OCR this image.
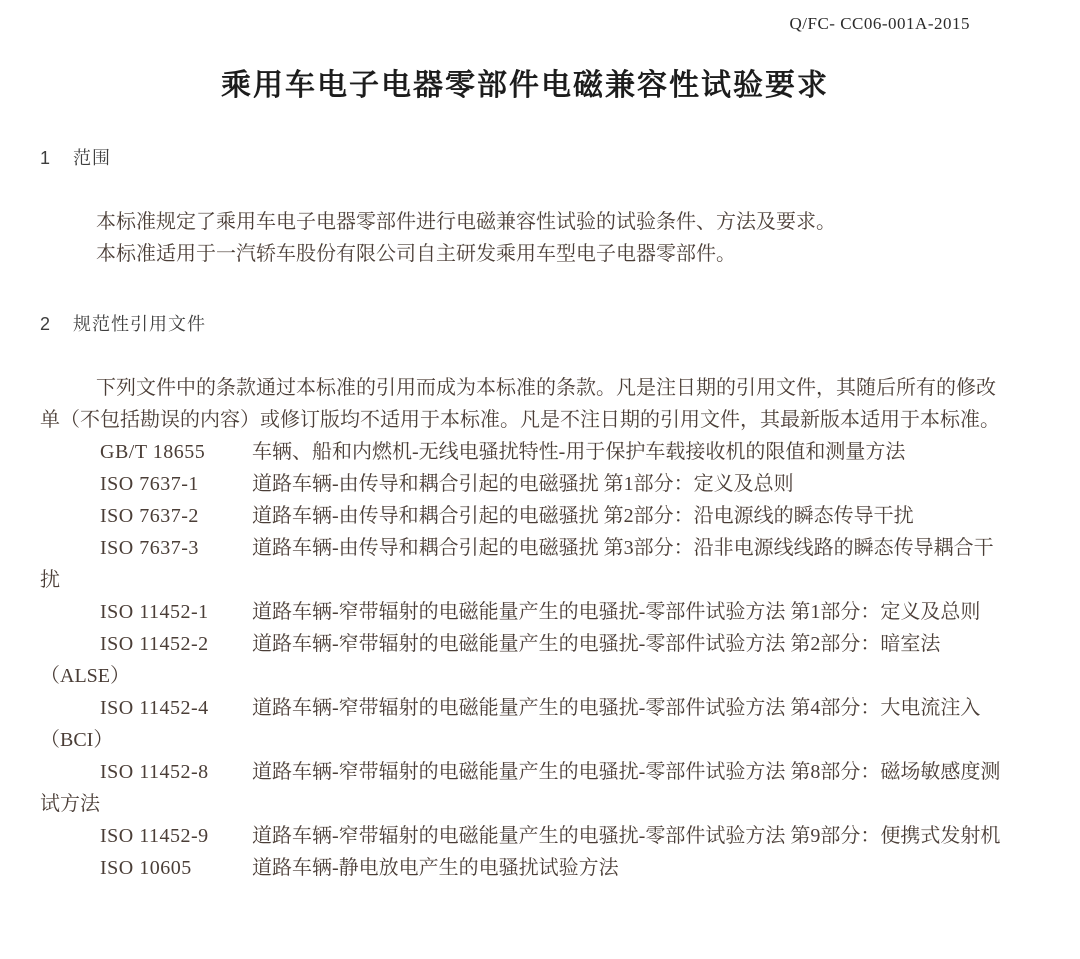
Q/FC- CC06-001A-2015
乘用车电子电器零部件电磁兼容性试验要求
1 范围

本标准规定了乘用车电子电器零部件进行电磁兼容性试验的试验条件、方法及要求。

本标准适用于一汽轿车股份有限公司自主研发乘用车型电子电器零部件。

2 规范性引用文件

下列文件中的条款通过本标准的引用而成为本标准的条款。凡是注日期的引用文件，其随后所有的修改单（不包括勘误的内容）或修订版均不适用于本标准。凡是不注日期的引用文件，其最新版本适用于本标准。

GB/T 18655 车辆、船和内燃机-无线电骚扰特性-用于保护车载接收机的限值和测量方法

ISO 7637-1	道路车辆-由传导和耦合引起的电磁骚扰 第1部分：定义及总则

ISO 7637-2	道路车辆-由传导和耦合引起的电磁骚扰 第2部分：沿电源线的瞬态传导干扰

ISO 7637-3	道路车辆-由传导和耦合引起的电磁骚扰 第3部分：沿非电源线线路的瞬态传导耦合干扰

ISO 11452-1 道路车辆-窄带辐射的电磁能量产生的电骚扰-零部件试验方法 第1部分：定义及总则

ISO 11452-2 道路车辆-窄带辐射的电磁能量产生的电骚扰-零部件试验方法 第2部分：暗室法（ALSE）

ISO 11452-4 道路车辆-窄带辐射的电磁能量产生的电骚扰-零部件试验方法 第4部分：大电流注入（BCI）

ISO 11452-8 道路车辆-窄带辐射的电磁能量产生的电骚扰-零部件试验方法 第8部分：磁场敏感度测试方法

ISO 11452-9 道路车辆-窄带辐射的电磁能量产生的电骚扰-零部件试验方法 第9部分：便携式发射机

ISO 10605	道路车辆-静电放电产生的电骚扰试验方法
